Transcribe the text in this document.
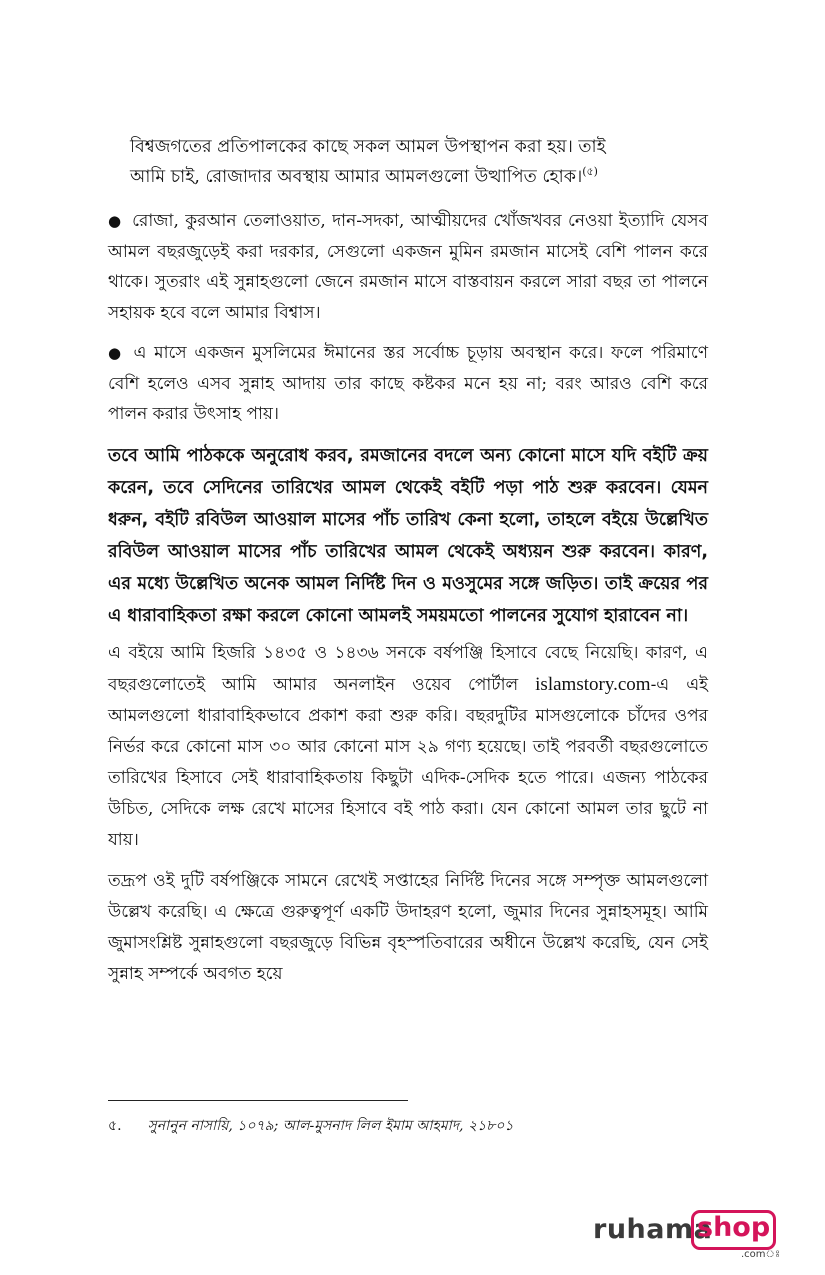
বিশ্বজগতের প্রতিপালকের কাছে সকল আমল উপস্থাপন করা হয়। তাই
আমি চাই, রোজাদার অবস্থায় আমার আমলগুলো উত্থাপিত হোক।$^{(৫)}$

● রোজা, কুরআন তেলাওয়াত, দান-সদকা, আত্মীয়দের খোঁজখবর নেওয়া ইত্যাদি যেসব আমল বছরজুড়েই করা দরকার, সেগুলো একজন মুমিন রমজান মাসেই বেশি পালন করে থাকে। সুতরাং এই সুন্নাহগুলো জেনে রমজান মাসে বাস্তবায়ন করলে সারা বছর তা পালনে সহায়ক হবে বলে আমার বিশ্বাস।

● এ মাসে একজন মুসলিমের ঈমানের স্তর সর্বোচ্চ চূড়ায় অবস্থান করে। ফলে পরিমাণে বেশি হলেও এসব সুন্নাহ আদায় তার কাছে কষ্টকর মনে হয় না; বরং আরও বেশি করে পালন করার উৎসাহ পায়।

তবে আমি পাঠককে অনুরোধ করব, রমজানের বদলে অন্য কোনো মাসে যদি বইটি ক্রয় করেন, তবে সেদিনের তারিখের আমল থেকেই বইটি পড়া পাঠ শুরু করবেন। যেমন ধরুন, বইটি রবিউল আওয়াল মাসের পাঁচ তারিখ কেনা হলো, তাহলে বইয়ে উল্লেখিত রবিউল আওয়াল মাসের পাঁচ তারিখের আমল থেকেই অধ্যয়ন শুরু করবেন। কারণ, এর মধ্যে উল্লেখিত অনেক আমল নির্দিষ্ট দিন ও মওসুমের সঙ্গে জড়িত। তাই ক্রয়ের পর এ ধারাবাহিকতা রক্ষা করলে কোনো আমলই সময়মতো পালনের সুযোগ হারাবেন না।

এ বইয়ে আমি হিজরি ১৪৩৫ ও ১৪৩৬ সনকে বর্ষপঞ্জি হিসাবে বেছে নিয়েছি। কারণ, এ বছরগুলোতেই আমি আমার অনলাইন ওয়েব পোর্টাল islamstory.com-এ এই আমলগুলো ধারাবাহিকভাবে প্রকাশ করা শুরু করি। বছরদুটির মাসগুলোকে চাঁদের ওপর নির্ভর করে কোনো মাস ৩০ আর কোনো মাস ২৯ গণ্য হয়েছে। তাই পরবর্তী বছরগুলোতে তারিখের হিসাবে সেই ধারাবাহিকতায় কিছুটা এদিক-সেদিক হতে পারে। এজন্য পাঠকের উচিত, সেদিকে লক্ষ রেখে মাসের হিসাবে বই পাঠ করা। যেন কোনো আমল তার ছুটে না যায়।

তদ্রূপ ওই দুটি বর্ষপঞ্জিকে সামনে রেখেই সপ্তাহের নির্দিষ্ট দিনের সঙ্গে সম্পৃক্ত আমলগুলো উল্লেখ করেছি। এ ক্ষেত্রে গুরুত্বপূর্ণ একটি উদাহরণ হলো, জুমার দিনের সুন্নাহসমূহ। আমি জুমাসংশ্লিষ্ট সুন্নাহগুলো বছরজুড়ে বিভিন্ন বৃহস্পতিবারের অধীনে উল্লেখ করেছি, যেন সেই সুন্নাহ সম্পর্কে অবগত হয়ে

৫. সুনানুন নাসায়ি, ১০৭৯; আল-মুসনাদ লিল ইমাম আহমাদ, ২১৮০১
ruhama
shop
.comঃ
